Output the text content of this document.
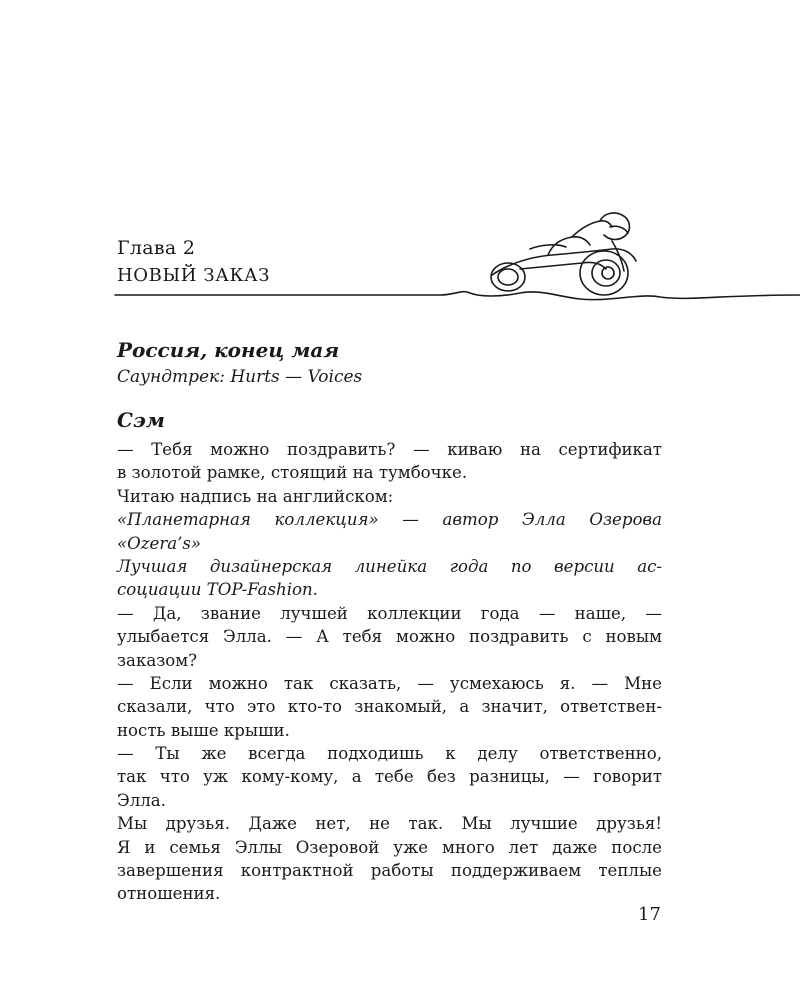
Глава 2
НОВЫЙ ЗАКАЗ
Россия, конец мая
Саундтрек: Hurts — Voices
Сэм
— Тебя можно поздравить? — киваю на сертификат
в золотой рамке, стоящий на тумбочке.
Читаю надпись на английском:
«Планетарная коллекция» — автор Элла Озерова
«Ozera’s»
Лучшая дизайнерская линейка года по версии ас-
социации TOP-Fashion.
— Да, звание лучшей коллекции года — наше, —
улыбается Элла. — А тебя можно поздравить с новым
заказом?
— Если можно так сказать, — усмехаюсь я. — Мне
сказали, что это кто-то знакомый, а значит, ответствен-
ность выше крыши.
— Ты же всегда подходишь к делу ответственно,
так что уж кому-кому, а тебе без разницы, — говорит
Элла.
Мы друзья. Даже нет, не так. Мы лучшие друзья!
Я и семья Эллы Озеровой уже много лет даже после
завершения контрактной работы поддерживаем теплые
отношения.
17
